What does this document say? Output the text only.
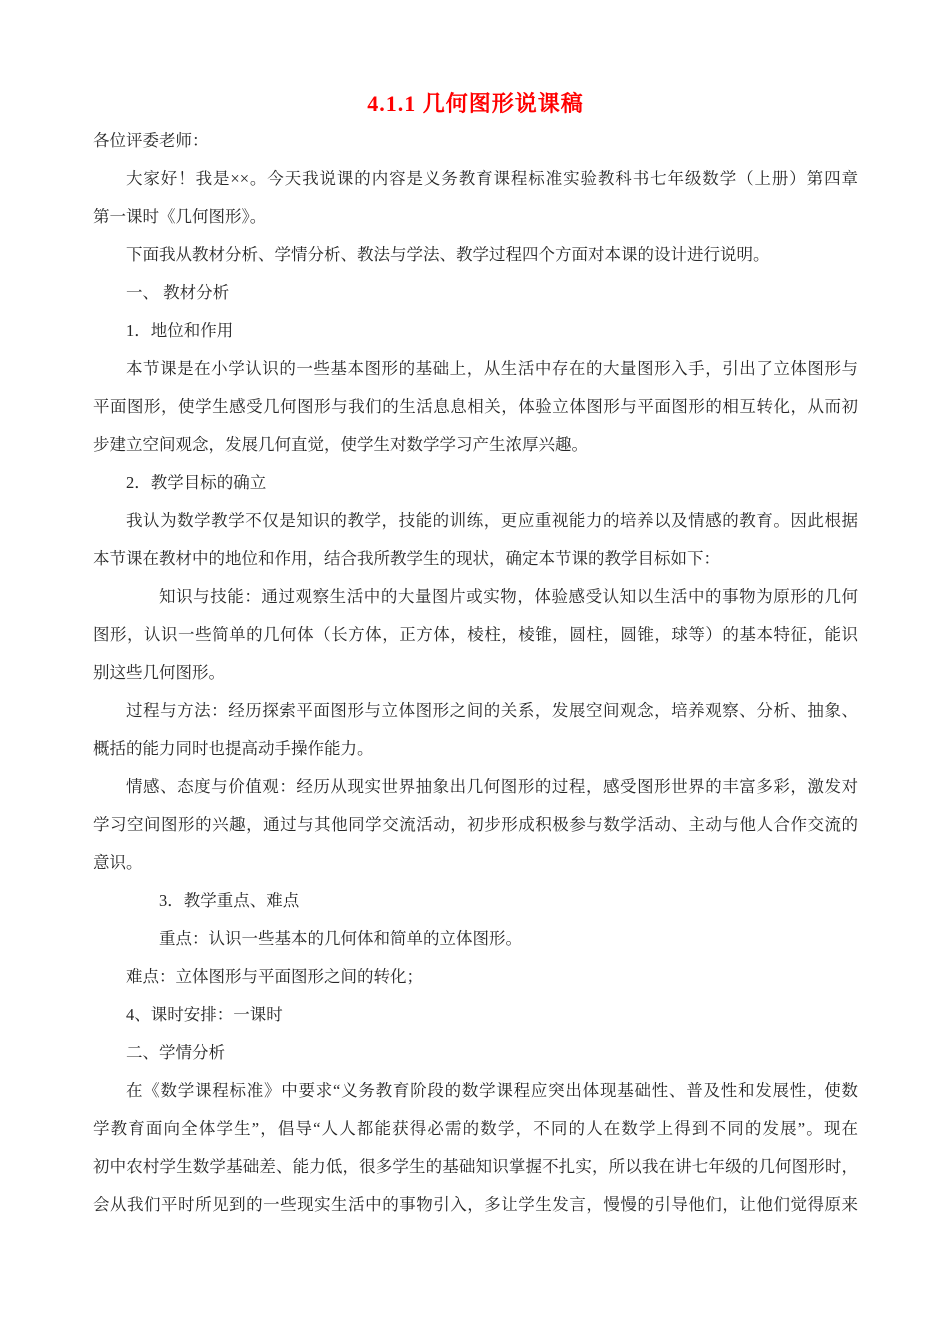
4.1.1 几何图形说课稿
各位评委老师：
大家好！我是××。今天我说课的内容是义务教育课程标准实验教科书七年级数学（上册）第四章
第一课时《几何图形》。
下面我从教材分析、学情分析、教法与学法、教学过程四个方面对本课的设计进行说明。
一、 教材分析
1．地位和作用
本节课是在小学认识的一些基本图形的基础上，从生活中存在的大量图形入手，引出了立体图形与
平面图形，使学生感受几何图形与我们的生活息息相关，体验立体图形与平面图形的相互转化，从而初
步建立空间观念，发展几何直觉，使学生对数学学习产生浓厚兴趣。
2．教学目标的确立
我认为数学教学不仅是知识的教学，技能的训练，更应重视能力的培养以及情感的教育。因此根据
本节课在教材中的地位和作用，结合我所教学生的现状，确定本节课的教学目标如下：
知识与技能：通过观察生活中的大量图片或实物，体验感受认知以生活中的事物为原形的几何
图形，认识一些简单的几何体（长方体，正方体，棱柱，棱锥，圆柱，圆锥，球等）的基本特征，能识
别这些几何图形。
过程与方法：经历探索平面图形与立体图形之间的关系，发展空间观念，培养观察、分析、抽象、
概括的能力同时也提高动手操作能力。
情感、态度与价值观：经历从现实世界抽象出几何图形的过程，感受图形世界的丰富多彩，激发对
学习空间图形的兴趣，通过与其他同学交流活动，初步形成积极参与数学活动、主动与他人合作交流的
意识。
3．教学重点、难点
重点：认识一些基本的几何体和简单的立体图形。
难点：立体图形与平面图形之间的转化；
4、课时安排：一课时
二、学情分析
在《数学课程标准》中要求“义务教育阶段的数学课程应突出体现基础性、普及性和发展性，使数
学教育面向全体学生”，倡导“人人都能获得必需的数学，不同的人在数学上得到不同的发展”。现在
初中农村学生数学基础差、能力低，很多学生的基础知识掌握不扎实，所以我在讲七年级的几何图形时，
会从我们平时所见到的一些现实生活中的事物引入，多让学生发言，慢慢的引导他们，让他们觉得原来
